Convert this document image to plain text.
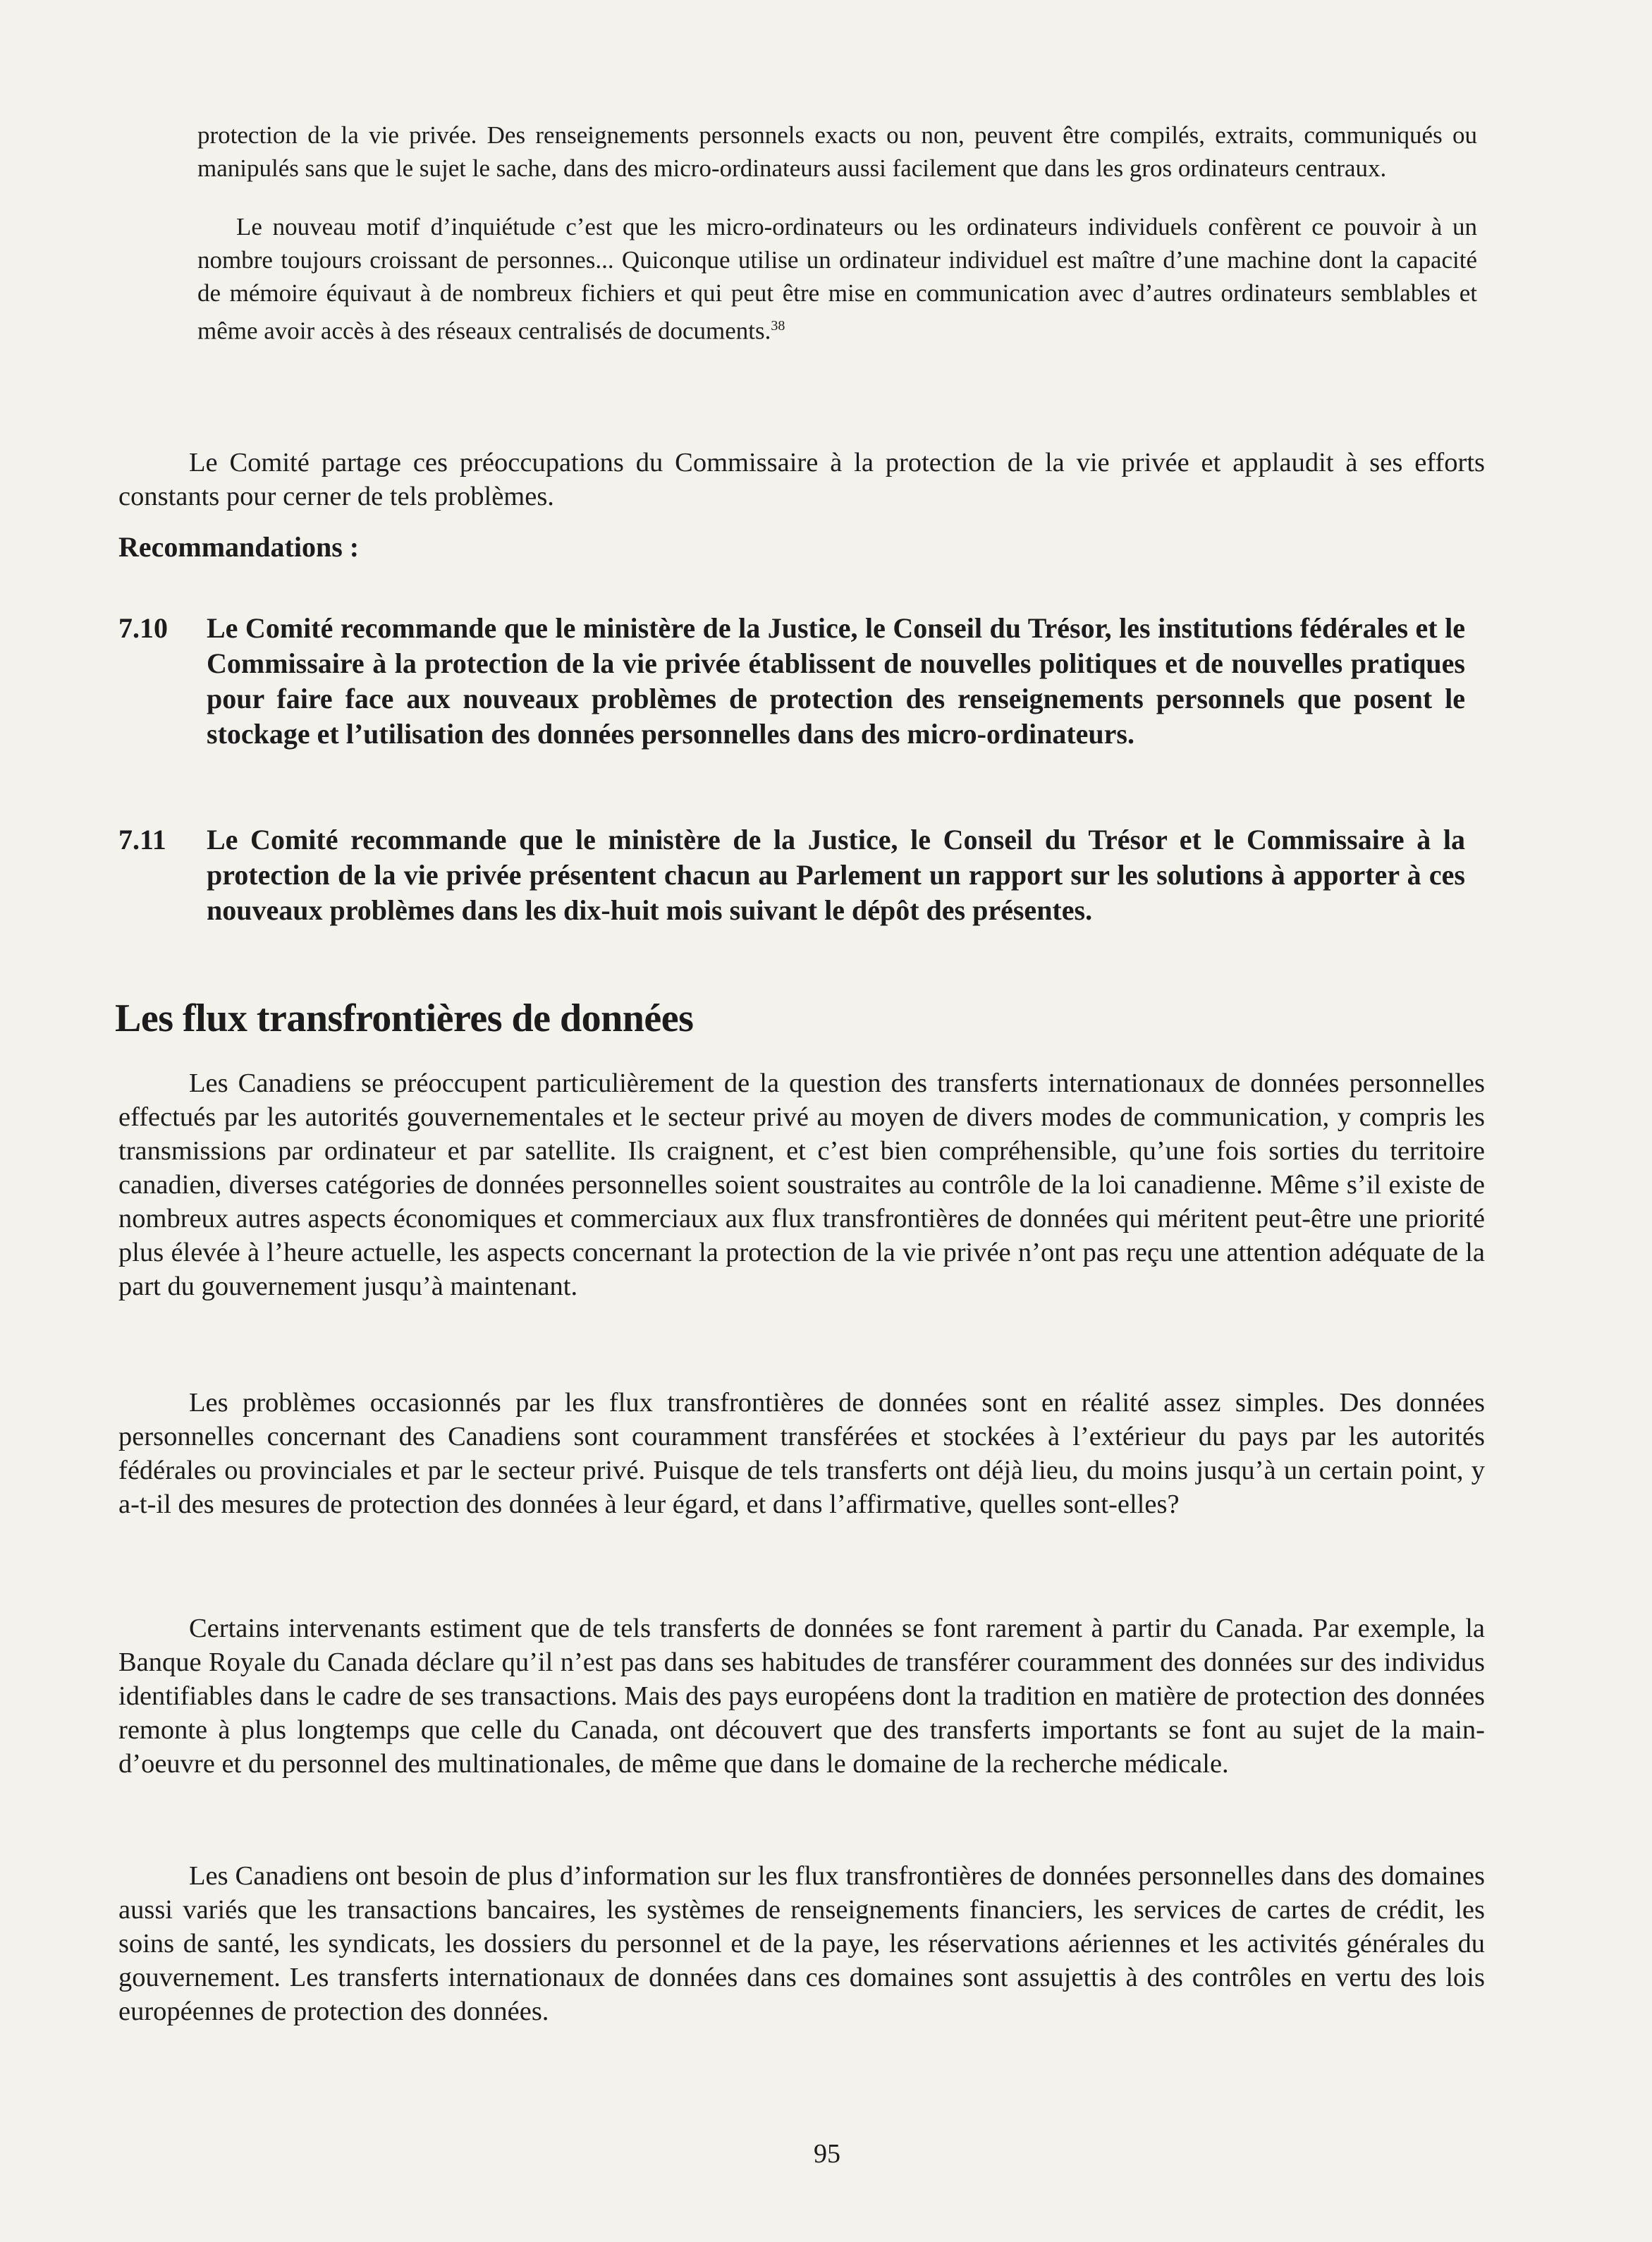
protection de la vie privée. Des renseignements personnels exacts ou non, peuvent être compilés, extraits, communiqués ou manipulés sans que le sujet le sache, dans des micro-ordinateurs aussi facilement que dans les gros ordinateurs centraux.

Le nouveau motif d’inquiétude c’est que les micro-ordinateurs ou les ordinateurs individuels confèrent ce pouvoir à un nombre toujours croissant de personnes... Quiconque utilise un ordinateur individuel est maître d’une machine dont la capacité de mémoire équivaut à de nombreux fichiers et qui peut être mise en communication avec d’autres ordinateurs semblables et même avoir accès à des réseaux centralisés de documents.$^{38}$

Le Comité partage ces préoccupations du Commissaire à la protection de la vie privée et applaudit à ses efforts constants pour cerner de tels problèmes.

Recommandations :

7.10 Le Comité recommande que le ministère de la Justice, le Conseil du Trésor, les institutions fédérales et le Commissaire à la protection de la vie privée établissent de nouvelles politiques et de nouvelles pratiques pour faire face aux nouveaux problèmes de protection des renseignements personnels que posent le stockage et l’utilisation des données personnelles dans des micro-ordinateurs.
7.11 Le Comité recommande que le ministère de la Justice, le Conseil du Trésor et le Commissaire à la protection de la vie privée présentent chacun au Parlement un rapport sur les solutions à apporter à ces nouveaux problèmes dans les dix-huit mois suivant le dépôt des présentes.
Les flux transfrontières de données

Les Canadiens se préoccupent particulièrement de la question des transferts internationaux de données personnelles effectués par les autorités gouvernementales et le secteur privé au moyen de divers modes de communication, y compris les transmissions par ordinateur et par satellite. Ils craignent, et c’est bien compréhensible, qu’une fois sorties du territoire canadien, diverses catégories de données personnelles soient soustraites au contrôle de la loi canadienne. Même s’il existe de nombreux autres aspects économiques et commerciaux aux flux transfrontières de données qui méritent peut-être une priorité plus élevée à l’heure actuelle, les aspects concernant la protection de la vie privée n’ont pas reçu une attention adéquate de la part du gouvernement jusqu’à maintenant.

Les problèmes occasionnés par les flux transfrontières de données sont en réalité assez simples. Des données personnelles concernant des Canadiens sont couramment transférées et stockées à l’extérieur du pays par les autorités fédérales ou provinciales et par le secteur privé. Puisque de tels transferts ont déjà lieu, du moins jusqu’à un certain point, y a-t-il des mesures de protection des données à leur égard, et dans l’affirmative, quelles sont-elles?

Certains intervenants estiment que de tels transferts de données se font rarement à partir du Canada. Par exemple, la Banque Royale du Canada déclare qu’il n’est pas dans ses habitudes de transférer couramment des données sur des individus identifiables dans le cadre de ses transactions. Mais des pays européens dont la tradition en matière de protection des données remonte à plus longtemps que celle du Canada, ont découvert que des transferts importants se font au sujet de la main-d’oeuvre et du personnel des multinationales, de même que dans le domaine de la recherche médicale.

Les Canadiens ont besoin de plus d’information sur les flux transfrontières de données personnelles dans des domaines aussi variés que les transactions bancaires, les systèmes de renseignements financiers, les services de cartes de crédit, les soins de santé, les syndicats, les dossiers du personnel et de la paye, les réservations aériennes et les activités générales du gouvernement. Les transferts internationaux de données dans ces domaines sont assujettis à des contrôles en vertu des lois européennes de protection des données.

95
